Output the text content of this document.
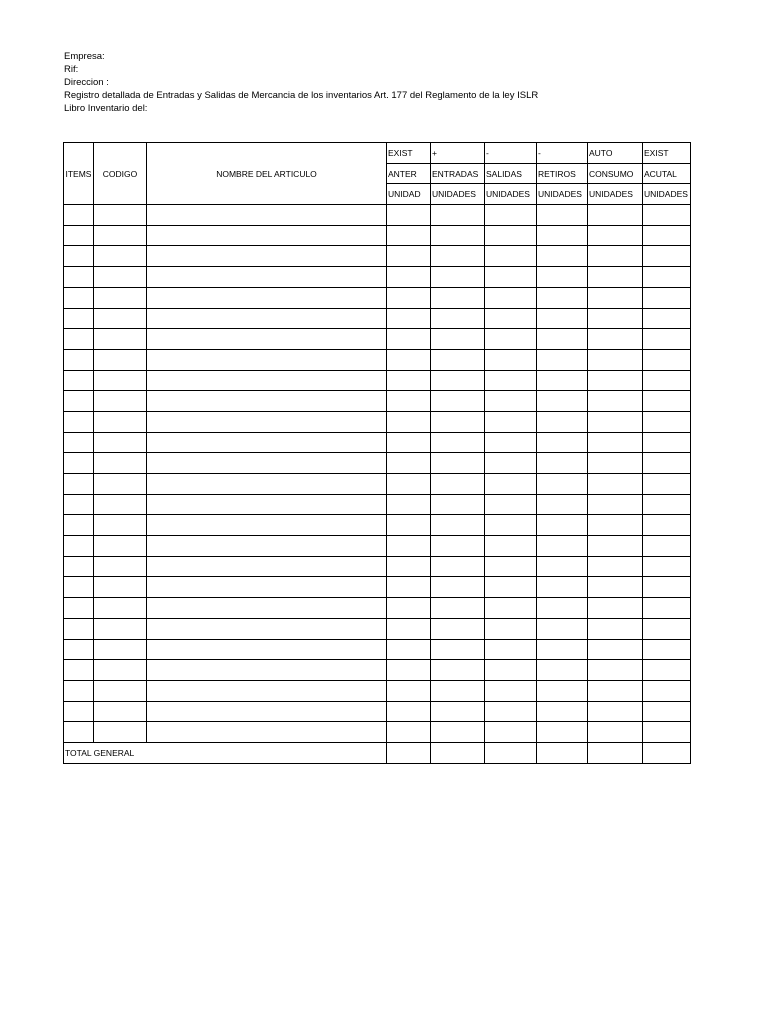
Empresa:
Rif:
Direccion :
Registro detallada de Entradas y Salidas de Mercancia de los inventarios Art. 177 del Reglamento de la ley ISLR
Libro Inventario del:
ITEMS	CODIGO	NOMBRE DEL ARTICULO	EXIST	+	-	-	AUTO	EXIST
			ANTER	ENTRADAS	SALIDAS	RETIROS	CONSUMO	ACUTAL
			UNIDAD	UNIDADES	UNIDADES	UNIDADES	UNIDADES	UNIDADES

TOTAL GENERAL								
